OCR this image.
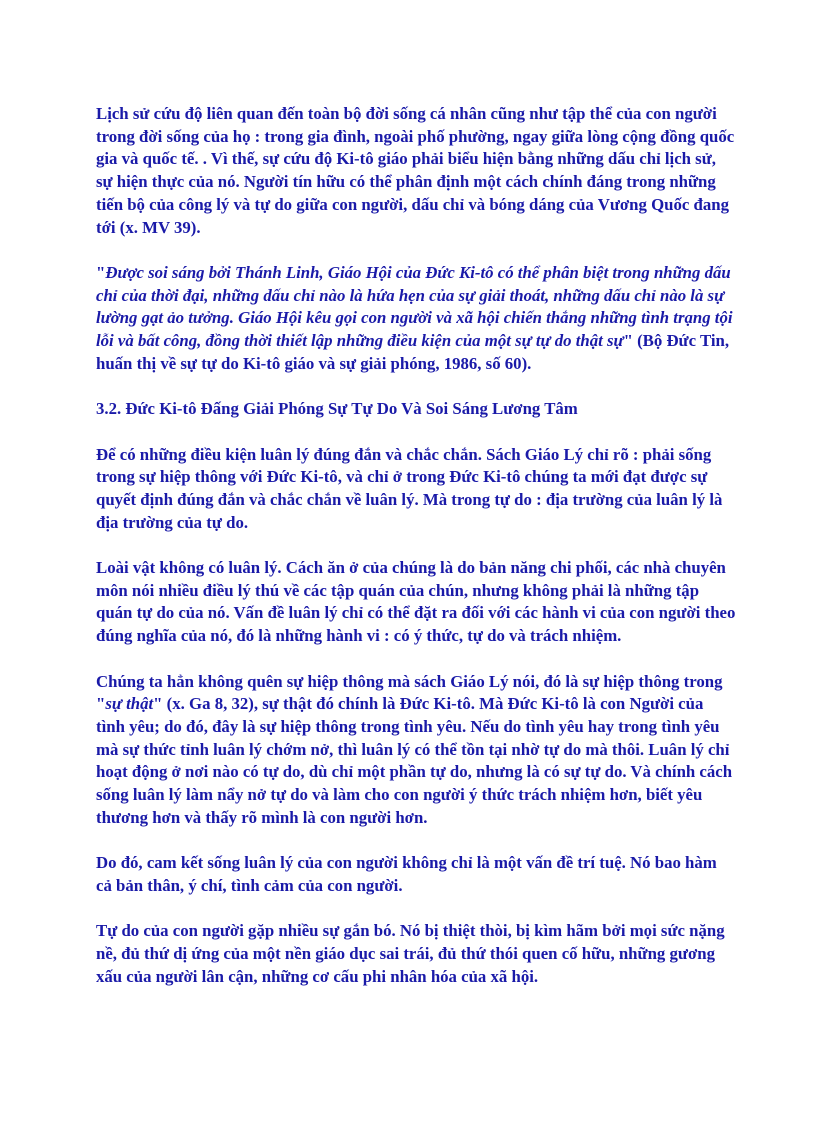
Lịch sử cứu độ liên quan đến toàn bộ đời sống cá nhân cũng như tập thể của con người trong đời sống của họ : trong gia đình, ngoài phố phường, ngay giữa lòng cộng đồng quốc gia và quốc tế. . Vì thế, sự cứu độ Ki-tô giáo phải biểu hiện bằng những dấu chỉ lịch sử, sự hiện thực của nó. Người tín hữu có thể phân định một cách chính đáng trong những tiến bộ của công lý và tự do giữa con người, dấu chỉ và bóng dáng của Vương Quốc đang tới (x. MV 39).

"Được soi sáng bởi Thánh Linh, Giáo Hội của Đức Ki-tô có thể phân biệt trong những dấu chỉ của thời đại, những dấu chỉ nào là hứa hẹn của sự giải thoát, những dấu chỉ nào là sự lường gạt ảo tưởng. Giáo Hội kêu gọi con người và xã hội chiến thắng những tình trạng tội lỗi và bất công, đồng thời thiết lập những điều kiện của một sự tự do thật sự" (Bộ Đức Tin, huấn thị về sự tự do Ki-tô giáo và sự giải phóng, 1986, số 60).

3.2. Đức Ki-tô Đấng Giải Phóng Sự Tự Do Và Soi Sáng Lương Tâm

Để có những điều kiện luân lý đúng đắn và chắc chắn. Sách Giáo Lý chỉ rõ : phải sống trong sự hiệp thông với Đức Ki-tô, và chỉ ở trong Đức Ki-tô chúng ta mới đạt được sự quyết định đúng đắn và chắc chắn về luân lý. Mà trong tự do : địa trường của luân lý là địa trường của tự do.

Loài vật không có luân lý. Cách ăn ở của chúng là do bản năng chi phối, các nhà chuyên môn nói nhiều điều lý thú về các tập quán của chún, nhưng không phải là những tập quán tự do của nó. Vấn đề luân lý chỉ có thể đặt ra đối với các hành vi của con người theo đúng nghĩa của nó, đó là những hành vi : có ý thức, tự do và trách nhiệm.

Chúng ta hẳn không quên sự hiệp thông mà sách Giáo Lý nói, đó là sự hiệp thông trong "sự thật" (x. Ga 8, 32), sự thật đó chính là Đức Ki-tô. Mà Đức Ki-tô là con Người của tình yêu; do đó, đây là sự hiệp thông trong tình yêu. Nếu do tình yêu hay trong tình yêu mà sự thức tỉnh luân lý chớm nở, thì luân lý có thể tồn tại nhờ tự do mà thôi. Luân lý chỉ hoạt động ở nơi nào có tự do, dù chỉ một phần tự do, nhưng là có sự tự do. Và chính cách sống luân lý làm nẩy nở tự do và làm cho con người ý thức trách nhiệm hơn, biết yêu thương hơn và thấy rõ mình là con người hơn.

Do đó, cam kết sống luân lý của con người không chỉ là một vấn đề trí tuệ. Nó bao hàm cả bản thân, ý chí, tình cảm của con người.

Tự do của con người gặp nhiều sự gắn bó. Nó bị thiệt thòi, bị kìm hãm bởi mọi sức nặng nề, đủ thứ dị ứng của một nền giáo dục sai trái, đủ thứ thói quen cố hữu, những gương xấu của người lân cận, những cơ cấu phi nhân hóa của xã hội.
